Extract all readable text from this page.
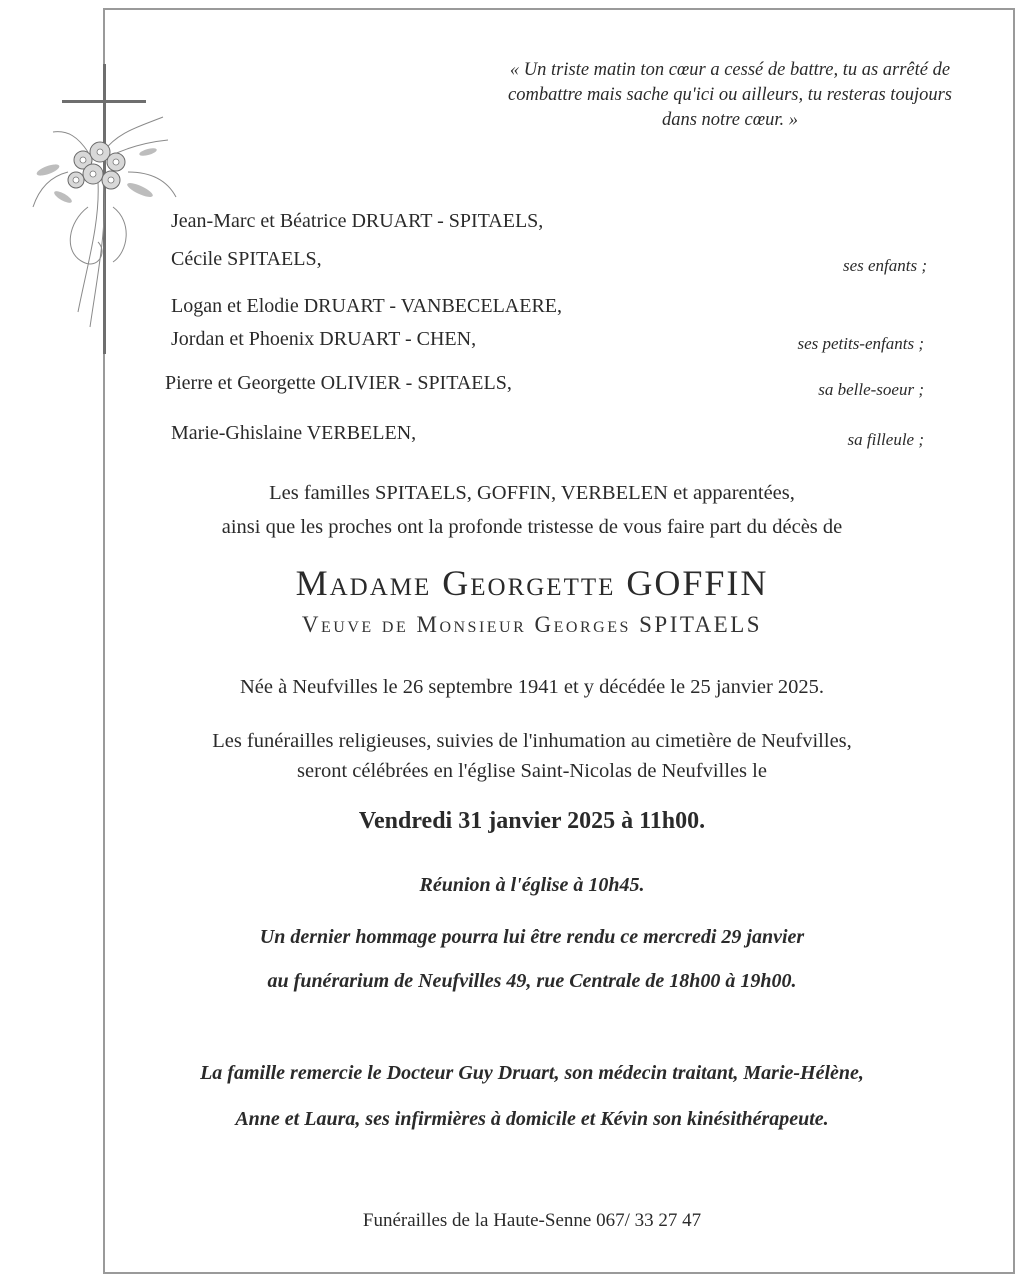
« Un triste matin ton cœur a cessé de battre, tu as arrêté de combattre mais sache qu'ici ou ailleurs, tu resteras toujours dans notre cœur. »
Jean-Marc et Béatrice DRUART - SPITAELS,
Cécile SPITAELS,	ses enfants ;
Logan et Elodie DRUART - VANBECELAERE,
Jordan et Phoenix DRUART - CHEN,	ses petits-enfants ;
Pierre et Georgette OLIVIER - SPITAELS,	sa belle-soeur ;
Marie-Ghislaine VERBELEN,	sa filleule ;
Les familles SPITAELS, GOFFIN, VERBELEN et apparentées,
ainsi que les proches ont la profonde tristesse de vous faire part du décès de
Madame Georgette GOFFIN
Veuve de Monsieur Georges SPITAELS
Née à Neufvilles le 26 septembre 1941 et y décédée le 25 janvier 2025.
Les funérailles religieuses, suivies de l'inhumation au cimetière de Neufvilles,
seront célébrées en l'église Saint-Nicolas de Neufvilles le
Vendredi 31 janvier 2025 à 11h00.
Réunion à l'église à 10h45.
Un dernier hommage pourra lui être rendu ce mercredi 29 janvier
au funérarium de Neufvilles 49, rue Centrale de 18h00 à 19h00.
La famille remercie le Docteur Guy Druart, son médecin traitant, Marie-Hélène,
Anne et Laura, ses infirmières à domicile et Kévin son kinésithérapeute.
Funérailles de la Haute-Senne 067/ 33 27 47
